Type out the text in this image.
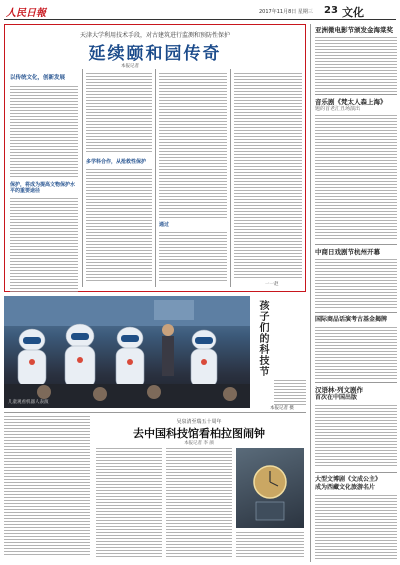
人民日報	2017年11月8日 星期三 23 文化
天津大学利用技术手段，对古建筑进行监测和预防性保护
延续颐和园传奇
本报记者
以传统文化，创新发展
保护，将成为提高文物保护水平的重要途径
多学科合作，从抢救性保护
通过
一一赵
儿童观看机器人表演
孩子们的科技节
本报记者 摄
吴泉清至瑞五十周年
去中国科技馆看柏拉图闹钟
本报记者 李 颜
亚洲微电影节颁发金海棠奖
音乐剧《梵太人森上海》
题的首老汇丑场演出
中商日戏剧节杭州开幕
国际商品话演考古基金揭牌
汉语林·列文剧作
首次在中国出版
大型文博剧《文成公主》
成为西藏文化旅游名片
